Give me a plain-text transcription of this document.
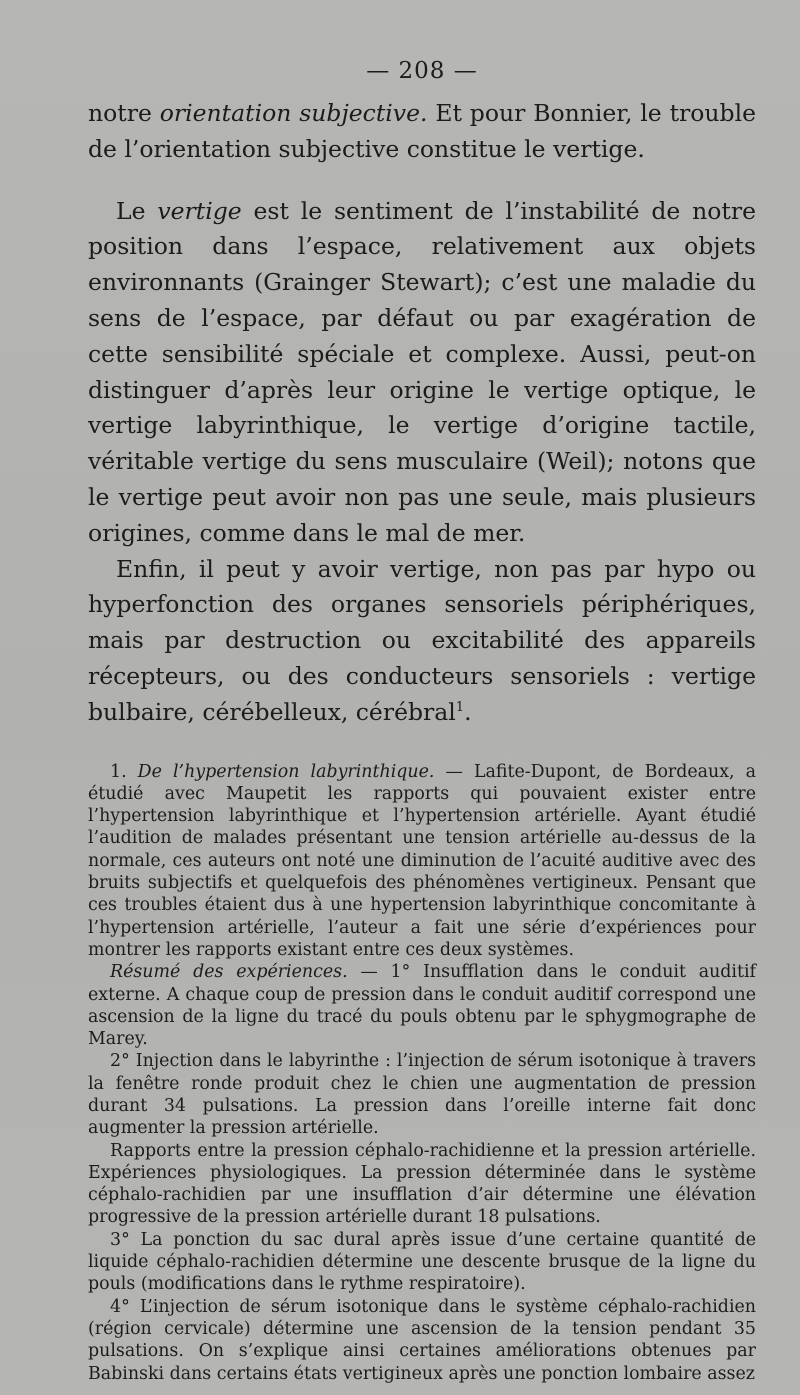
— 208 —

notre orientation subjective. Et pour Bonnier, le trouble de l’orientation subjective constitue le vertige.

Le vertige est le sentiment de l’instabilité de notre position dans l’espace, relativement aux objets environnants (Grainger Stewart); c’est une maladie du sens de l’espace, par défaut ou par exagération de cette sensibilité spéciale et complexe. Aussi, peut-on distinguer d’après leur origine le vertige optique, le vertige labyrinthique, le vertige d’origine tactile, véritable vertige du sens musculaire (Weil); notons que le vertige peut avoir non pas une seule, mais plusieurs origines, comme dans le mal de mer.

Enfin, il peut y avoir vertige, non pas par hypo ou hyperfonction des organes sensoriels périphériques, mais par destruction ou excitabilité des appareils récepteurs, ou des conducteurs sensoriels : vertige bulbaire, cérébelleux, cérébral$^1$.

1. De l’hypertension labyrinthique. — Lafite-Dupont, de Bordeaux, a étudié avec Maupetit les rapports qui pouvaient exister entre l’hypertension labyrinthique et l’hypertension artérielle. Ayant étudié l’audition de malades présentant une tension artérielle au-dessus de la normale, ces auteurs ont noté une diminution de l’acuité auditive avec des bruits subjectifs et quelquefois des phénomènes vertigineux. Pensant que ces troubles étaient dus à une hypertension labyrinthique concomitante à l’hypertension artérielle, l’auteur a fait une série d’expériences pour montrer les rapports existant entre ces deux systèmes.

Résumé des expériences. — 1° Insufflation dans le conduit auditif externe. A chaque coup de pression dans le conduit auditif correspond une ascension de la ligne du tracé du pouls obtenu par le sphygmographe de Marey.

2° Injection dans le labyrinthe : l’injection de sérum isotonique à travers la fenêtre ronde produit chez le chien une augmentation de pression durant 34 pulsations. La pression dans l’oreille interne fait donc augmenter la pression artérielle.

Rapports entre la pression céphalo-rachidienne et la pression artérielle. Expériences physiologiques. La pression déterminée dans le système céphalo-rachidien par une insufflation d’air détermine une élévation progressive de la pression artérielle durant 18 pulsations.

3° La ponction du sac dural après issue d’une certaine quantité de liquide céphalo-rachidien détermine une descente brusque de la ligne du pouls (modifications dans le rythme respiratoire).

4° L’injection de sérum isotonique dans le système céphalo-rachidien (région cervicale) détermine une ascension de la tension pendant 35 pulsations. On s’explique ainsi certaines améliorations obtenues par Babinski dans certains états vertigineux après une ponction lombaire assez
